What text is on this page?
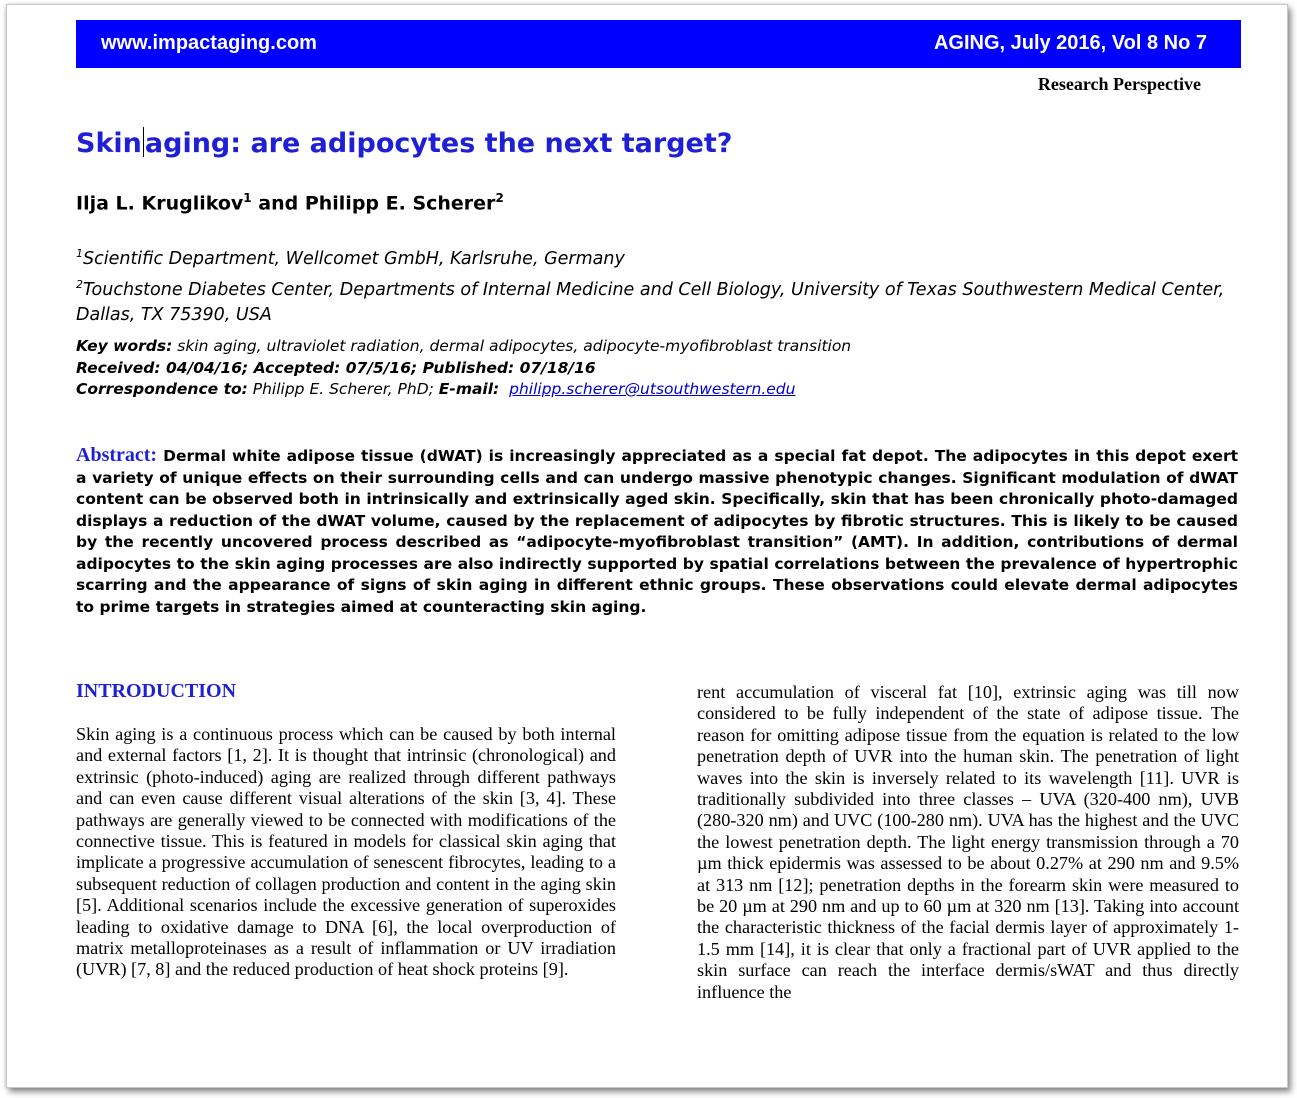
www.impactaging.com	AGING, July 2016, Vol 8 No 7
Research Perspective
Skin aging: are adipocytes the next target?
Ilja L. Kruglikov$^1$ and Philipp E. Scherer$^2$

$^1$Scientific Department, Wellcomet GmbH, Karlsruhe, Germany

$^2$Touchstone Diabetes Center, Departments of Internal Medicine and Cell Biology, University of Texas Southwestern Medical Center, Dallas, TX 75390, USA

Key words: skin aging, ultraviolet radiation, dermal adipocytes, adipocyte-myofibroblast transition

Received: 04/04/16; Accepted: 07/5/16; Published: 07/18/16

Correspondence to: Philipp E. Scherer, PhD; E-mail: philipp.scherer@utsouthwestern.edu

Abstract: Dermal white adipose tissue (dWAT) is increasingly appreciated as a special fat depot. The adipocytes in this depot exert a variety of unique effects on their surrounding cells and can undergo massive phenotypic changes. Significant modulation of dWAT content can be observed both in intrinsically and extrinsically aged skin. Specifically, skin that has been chronically photo-damaged displays a reduction of the dWAT volume, caused by the replacement of adipocytes by fibrotic structures. This is likely to be caused by the recently uncovered process described as “adipocyte-myofibroblast transition” (AMT). In addition, contributions of dermal adipocytes to the skin aging processes are also indirectly supported by spatial correlations between the prevalence of hypertrophic scarring and the appearance of signs of skin aging in different ethnic groups. These observations could elevate dermal adipocytes to prime targets in strategies aimed at counteracting skin aging.

INTRODUCTION

Skin aging is a continuous process which can be caused by both internal and external factors [1, 2]. It is thought that intrinsic (chronological) and extrinsic (photo-induced) aging are realized through different pathways and can even cause different visual alterations of the skin [3, 4]. These pathways are generally viewed to be connected with modifications of the connective tissue. This is featured in models for classical skin aging that implicate a progressive accumulation of senescent fibrocytes, leading to a subsequent reduction of collagen production and content in the aging skin [5]. Additional scenarios include the excessive generation of superoxides leading to oxidative damage to DNA [6], the local overproduction of matrix metalloproteinases as a result of inflammation or UV irradiation (UVR) [7, 8] and the reduced production of heat shock proteins [9].

rent accumulation of visceral fat [10], extrinsic aging was till now considered to be fully independent of the state of adipose tissue. The reason for omitting adipose tissue from the equation is related to the low penetration depth of UVR into the human skin. The penetration of light waves into the skin is inversely related to its wavelength [11]. UVR is traditionally subdivided into three classes – UVA (320-400 nm), UVB (280-320 nm) and UVC (100-280 nm). UVA has the highest and the UVC the lowest penetration depth. The light energy transmission through a 70 µm thick epidermis was assessed to be about 0.27% at 290 nm and 9.5% at 313 nm [12]; penetration depths in the forearm skin were measured to be 20 µm at 290 nm and up to 60 µm at 320 nm [13]. Taking into account the characteristic thickness of the facial dermis layer of approximately 1-1.5 mm [14], it is clear that only a fractional part of UVR applied to the skin surface can reach the interface dermis/sWAT and thus directly influence the
